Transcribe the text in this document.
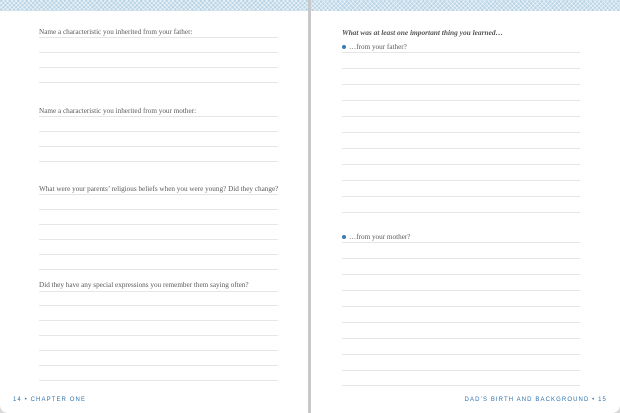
Name a characteristic you inherited from your father:
Name a characteristic you inherited from your mother:
What were your parents’ religious beliefs when you were young? Did they change?
Did they have any special expressions you remember them saying often?
14 • CHAPTER ONE
What was at least one important thing you learned…
…from your father?
…from your mother?
DAD’S BIRTH AND BACKGROUND • 15
